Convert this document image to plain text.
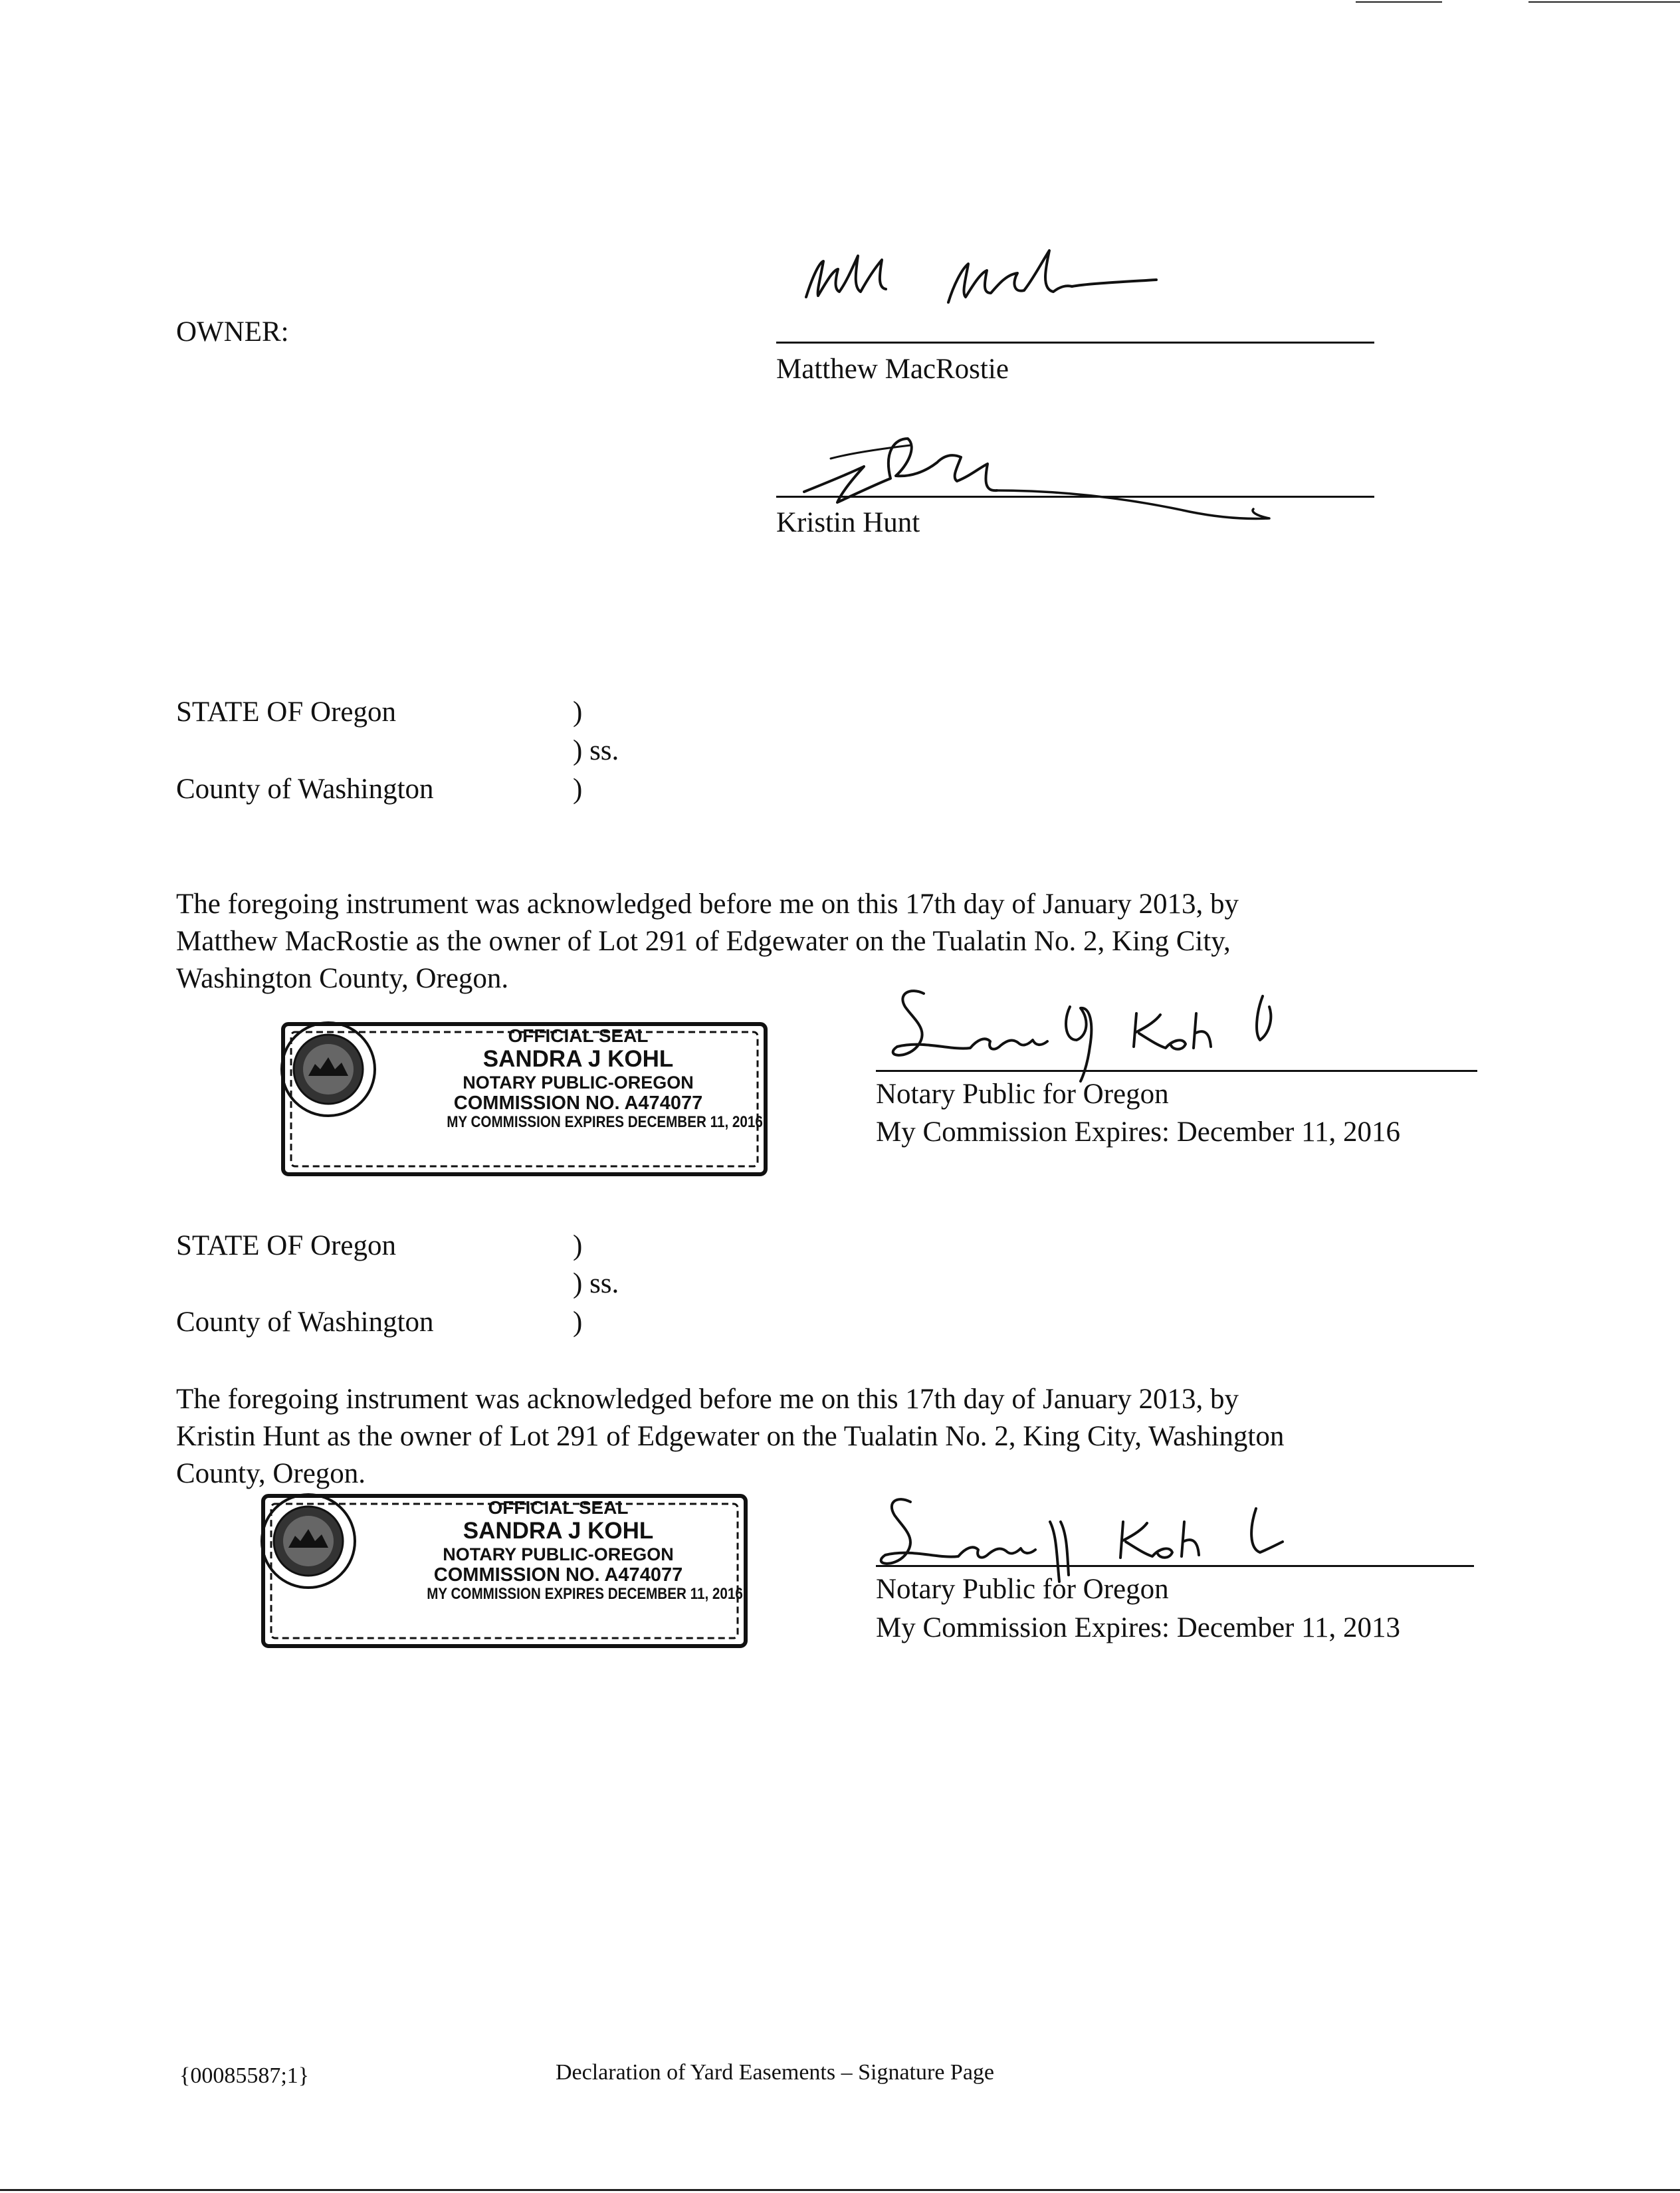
OWNER:
Matthew MacRostie
Kristin Hunt
STATE OF Oregon	)
) ss.
County of Washington	)
The foregoing instrument was acknowledged before me on this 17th day of January 2013, by
Matthew MacRostie as the owner of Lot 291 of Edgewater on the Tualatin No. 2, King City,
Washington County, Oregon.
OFFICIAL SEAL
SANDRA J KOHL
NOTARY PUBLIC-OREGON
COMMISSION NO. A474077
MY COMMISSION EXPIRES DECEMBER 11, 2016
Notary Public for Oregon
My Commission Expires: December 11, 2016
STATE OF Oregon	)
) ss.
County of Washington	)
The foregoing instrument was acknowledged before me on this 17th day of January 2013, by
Kristin Hunt as the owner of Lot 291 of Edgewater on the Tualatin No. 2, King City, Washington
County, Oregon.
OFFICIAL SEAL
SANDRA J KOHL
NOTARY PUBLIC-OREGON
COMMISSION NO. A474077
MY COMMISSION EXPIRES DECEMBER 11, 2016	Notary Public for Oregon
My Commission Expires: December 11, 2013
{00085587;1}	Declaration of Yard Easements – Signature Page
